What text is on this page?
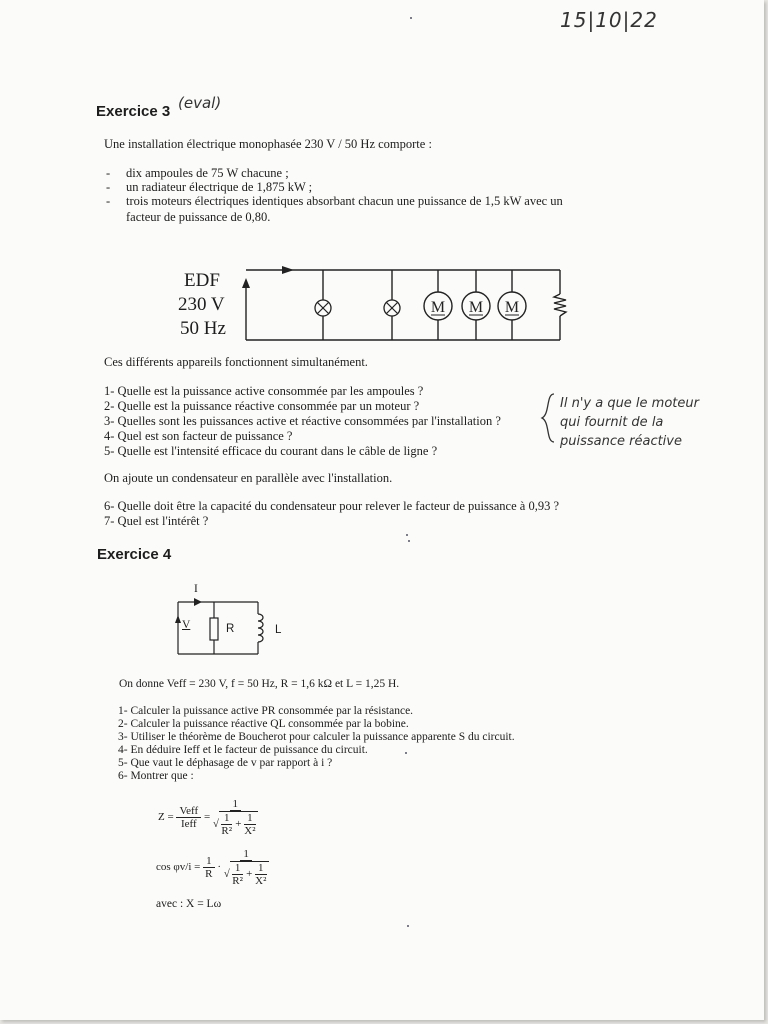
15|10|22
Exercice 3 (eval)
Une installation électrique monophasée 230 V / 50 Hz comporte :
- dix ampoules de 75 W chacune ;
- un radiateur électrique de 1,875 kW ;
- trois moteurs électriques identiques absorbant chacun une puissance de 1,5 kW avec un
facteur de puissance de 0,80.
M M M
EDF
230 V
50 Hz
Ces différents appareils fonctionnent simultanément.
1- Quelle est la puissance active consommée par les ampoules ?
2- Quelle est la puissance réactive consommée par un moteur ?
3- Quelles sont les puissances active et réactive consommées par l'installation ?
4- Quel est son facteur de puissance ?
5- Quelle est l'intensité efficace du courant dans le câble de ligne ?
Il n'y a que le moteur
qui fournit de la
puissance réactive
On ajoute un condensateur en parallèle avec l'installation.
6- Quelle doit être la capacité du condensateur pour relever le facteur de puissance à 0,93 ?
7- Quel est l'intérêt ?
Exercice 4
I
V	R	L
On donne Veff = 230 V, f = 50 Hz, R = 1,6 kΩ et L = 1,25 H.
1- Calculer la puissance active PR consommée par la résistance.
2- Calculer la puissance réactive QL consommée par la bobine.
3- Utiliser le théorème de Boucherot pour calculer la puissance apparente S du circuit.
4- En déduire Ieff et le facteur de puissance du circuit.
5- Que vaut le déphasage de v par rapport à i ?
6- Montrer que :
$Z = \frac{\text{Veff}}{\text{Ieff}} = \frac{1}{√ \frac{1}{\text{R²}} + \frac{1}{\text{X²}}}$
$\cos \varphi v/i = \frac{1}{R} \cdot \frac{1}{√ \frac{1}{\text{R²}} + \frac{1}{\text{X²}}}$
avec : X = Lω
